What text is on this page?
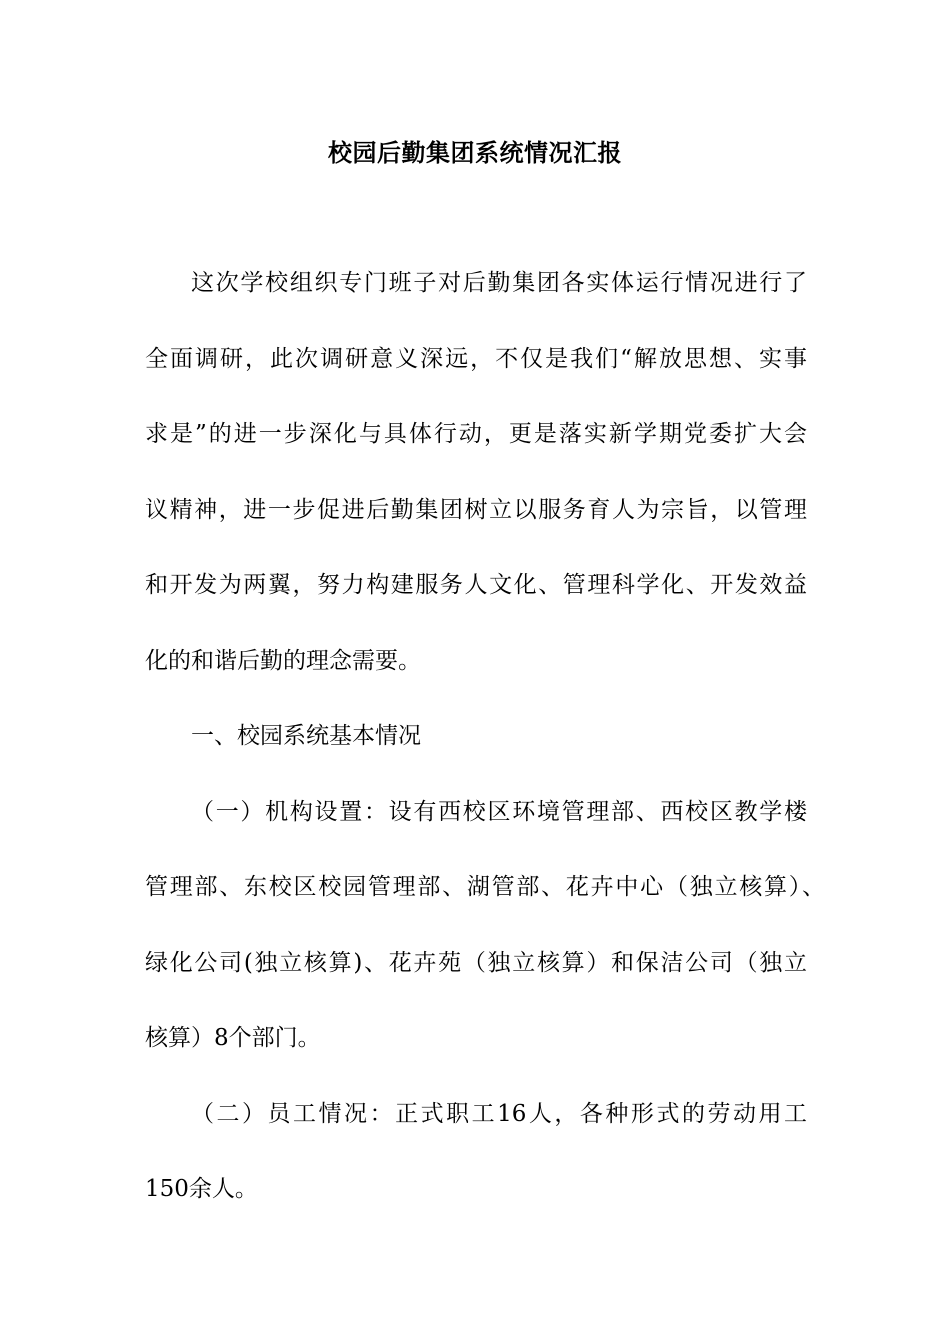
校园后勤集团系统情况汇报
这次学校组织专门班子对后勤集团各实体运行情况进行了
全面调研，此次调研意义深远，不仅是我们“解放思想、实事
求是”的进一步深化与具体行动，更是落实新学期党委扩大会
议精神，进一步促进后勤集团树立以服务育人为宗旨，以管理
和开发为两翼，努力构建服务人文化、管理科学化、开发效益
化的和谐后勤的理念需要。
一、校园系统基本情况
（一）机构设置：设有西校区环境管理部、西校区教学楼
管理部、东校区校园管理部、湖管部、花卉中心（独立核算）、
绿化公司(独立核算)、花卉苑（独立核算）和保洁公司（独立
核算）8个部门。
（二）员工情况：正式职工16人，各种形式的劳动用工
150余人。
